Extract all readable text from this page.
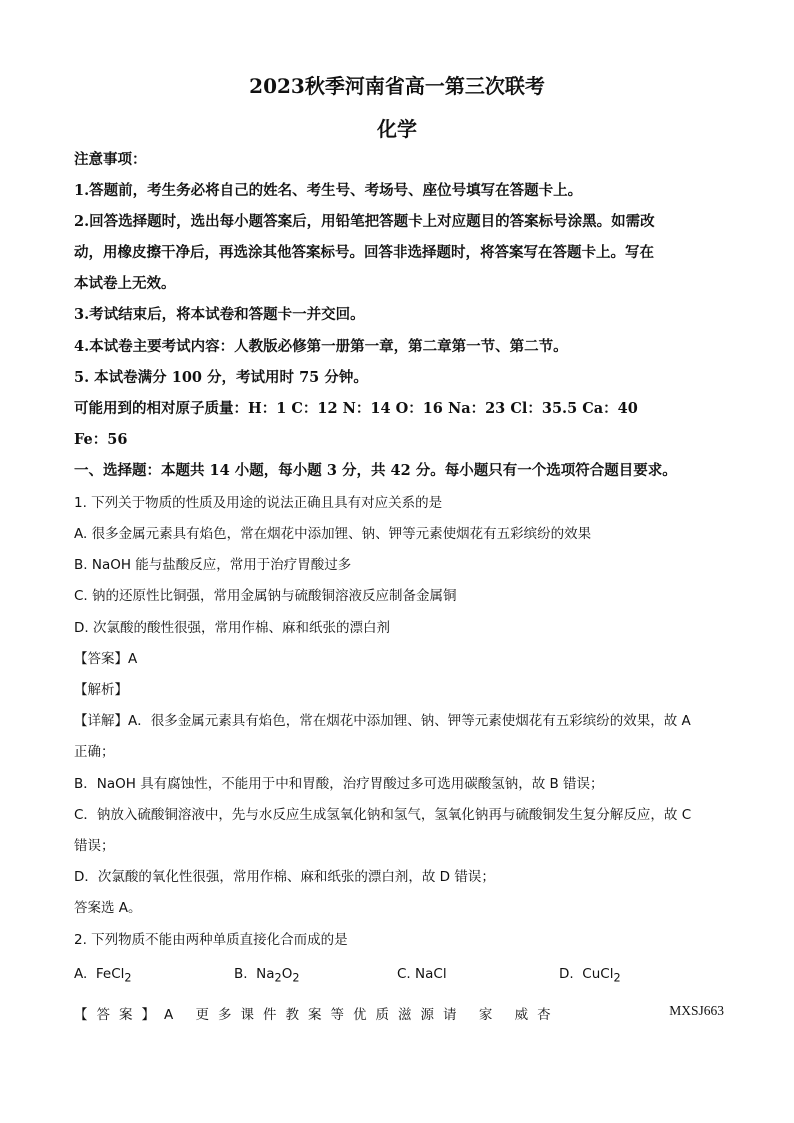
2023秋季河南省高一第三次联考
化学
注意事项：
1.答题前，考生务必将自己的姓名、考生号、考场号、座位号填写在答题卡上。
2.回答选择题时，选出每小题答案后，用铅笔把答题卡上对应题目的答案标号涂黑。如需改
动，用橡皮擦干净后，再选涂其他答案标号。回答非选择题时，将答案写在答题卡上。写在
本试卷上无效。
3.考试结束后，将本试卷和答题卡一并交回。
4.本试卷主要考试内容：人教版必修第一册第一章，第二章第一节、第二节。
5. 本试卷满分 100 分，考试用时 75 分钟。
可能用到的相对原子质量：H：1 C：12 N：14 O：16 Na：23 Cl：35.5 Ca：40
Fe：56
一、选择题：本题共 14 小题，每小题 3 分，共 42 分。每小题只有一个选项符合题目要求。
1. 下列关于物质的性质及用途的说法正确且具有对应关系的是
A. 很多金属元素具有焰色，常在烟花中添加锂、钠、钾等元素使烟花有五彩缤纷的效果
B. NaOH 能与盐酸反应，常用于治疗胃酸过多
C. 钠的还原性比铜强，常用金属钠与硫酸铜溶液反应制备金属铜
D. 次氯酸的酸性很强，常用作棉、麻和纸张的漂白剂
【答案】A
【解析】
【详解】A．很多金属元素具有焰色，常在烟花中添加锂、钠、钾等元素使烟花有五彩缤纷的效果，故 A
正确；
B．NaOH 具有腐蚀性，不能用于中和胃酸，治疗胃酸过多可选用碳酸氢钠，故 B 错误；
C．钠放入硫酸铜溶液中，先与水反应生成氢氧化钠和氢气，氢氧化钠再与硫酸铜发生复分解反应，故 C
错误；
D．次氯酸的氧化性很强，常用作棉、麻和纸张的漂白剂，故 D 错误；
答案选 A。
2. 下列物质不能由两种单质直接化合而成的是
A. FeCl$_2$	B. $Na_2O_2$	C. NaCl	D. CuCl$_2$
【答案】A 更多课件教案等优质滋源请 家 威杏	MXSJ663
